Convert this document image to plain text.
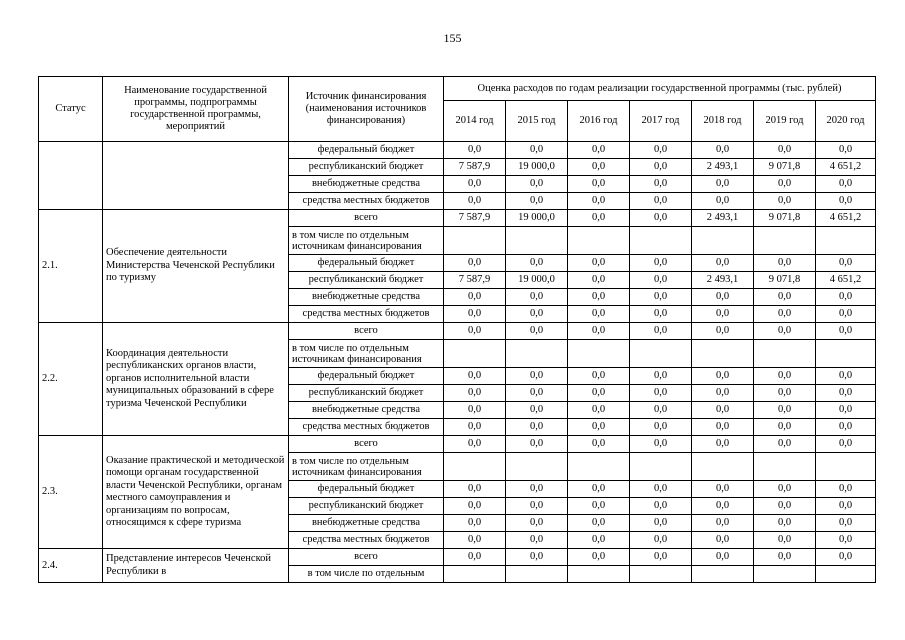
155
Статус	Наименование государственной программы, подпрограммы государственной программы, мероприятий	Источник финансирования (наименования источников финансирования)	Оценка расходов по годам реализации государственной программы (тыс. рублей)						
			2014 год	2015 год	2016 год	2017 год	2018 год	2019 год	2020 год
		федеральный бюджет	0,0	0,0	0,0	0,0	0,0	0,0	0,0
		республиканский бюджет	7 587,9	19 000,0	0,0	0,0	2 493,1	9 071,8	4 651,2
		внебюджетные средства	0,0	0,0	0,0	0,0	0,0	0,0	0,0
		средства местных бюджетов	0,0	0,0	0,0	0,0	0,0	0,0	0,0
2.1.	Обеспечение деятельности Министерства Чеченской Республики по туризму	всего	7 587,9	19 000,0	0,0	0,0	2 493,1	9 071,8	4 651,2
		в том числе по отдельным источникам финансирования							
		федеральный бюджет	0,0	0,0	0,0	0,0	0,0	0,0	0,0
		республиканский бюджет	7 587,9	19 000,0	0,0	0,0	2 493,1	9 071,8	4 651,2
		внебюджетные средства	0,0	0,0	0,0	0,0	0,0	0,0	0,0
		средства местных бюджетов	0,0	0,0	0,0	0,0	0,0	0,0	0,0
2.2.	Координация деятельности республиканских органов власти, органов исполнительной власти муниципальных образований в сфере туризма Чеченской Республики	всего	0,0	0,0	0,0	0,0	0,0	0,0	0,0
		в том числе по отдельным источникам финансирования							
		федеральный бюджет	0,0	0,0	0,0	0,0	0,0	0,0	0,0
		республиканский бюджет	0,0	0,0	0,0	0,0	0,0	0,0	0,0
		внебюджетные средства	0,0	0,0	0,0	0,0	0,0	0,0	0,0
		средства местных бюджетов	0,0	0,0	0,0	0,0	0,0	0,0	0,0
2.3.	Оказание практической и методической помощи органам государственной власти Чеченской Республики, органам местного самоуправления и организациям по вопросам, относящимся к сфере туризма	всего	0,0	0,0	0,0	0,0	0,0	0,0	0,0
		в том числе по отдельным источникам финансирования							
		федеральный бюджет	0,0	0,0	0,0	0,0	0,0	0,0	0,0
		республиканский бюджет	0,0	0,0	0,0	0,0	0,0	0,0	0,0
		внебюджетные средства	0,0	0,0	0,0	0,0	0,0	0,0	0,0
		средства местных бюджетов	0,0	0,0	0,0	0,0	0,0	0,0	0,0
2.4.	Представление интересов Чеченской Республики в	всего	0,0	0,0	0,0	0,0	0,0	0,0	0,0
		в том числе по отдельным							
